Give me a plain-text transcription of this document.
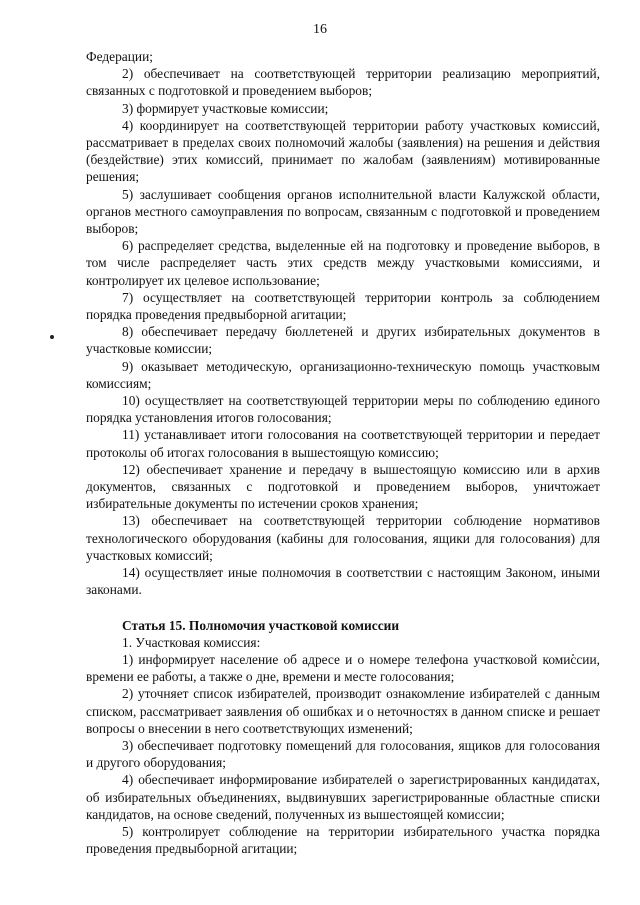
16

Федерации;

2) обеспечивает на соответствующей территории реализацию мероприятий, связанных с подготовкой и проведением выборов;

3) формирует участковые комиссии;

4) координирует на соответствующей территории работу участковых комиссий, рассматривает в пределах своих полномочий жалобы (заявления) на решения и действия (бездействие) этих комиссий, принимает по жалобам (заявлениям) мотивированные решения;

5) заслушивает сообщения органов исполнительной власти Калужской области, органов местного самоуправления по вопросам, связанным с подготовкой и проведением выборов;

6) распределяет средства, выделенные ей на подготовку и проведение выборов, в том числе распределяет часть этих средств между участковыми комиссиями, и контролирует их целевое использование;

7) осуществляет на соответствующей территории контроль за соблюдением порядка проведения предвыборной агитации;

8) обеспечивает передачу бюллетеней и других избирательных документов в участковые комиссии;

9) оказывает методическую, организационно-техническую помощь участковым комиссиям;

10) осуществляет на соответствующей территории меры по соблюдению единого порядка установления итогов голосования;

11) устанавливает итоги голосования на соответствующей территории и передает протоколы об итогах голосования в вышестоящую комиссию;

12) обеспечивает хранение и передачу в вышестоящую комиссию или в архив документов, связанных с подготовкой и проведением выборов, уничтожает избирательные документы по истечении сроков хранения;

13) обеспечивает на соответствующей территории соблюдение нормативов технологического оборудования (кабины для голосования, ящики для голосования) для участковых комиссий;

14) осуществляет иные полномочия в соответствии с настоящим Законом, иными законами.

Статья 15. Полномочия участковой комиссии

1. Участковая комиссия:

1) информирует население об адресе и о номере телефона участковой комиссии, времени ее работы, а также о дне, времени и месте голосования;

2) уточняет список избирателей, производит ознакомление избирателей с данным списком, рассматривает заявления об ошибках и о неточностях в данном списке и решает вопросы о внесении в него соответствующих изменений;

3) обеспечивает подготовку помещений для голосования, ящиков для голосования и другого оборудования;

4) обеспечивает информирование избирателей о зарегистрированных кандидатах, об избирательных объединениях, выдвинувших зарегистрированные областные списки кандидатов, на основе сведений, полученных из вышестоящей комиссии;

5) контролирует соблюдение на территории избирательного участка порядка проведения предвыборной агитации;
